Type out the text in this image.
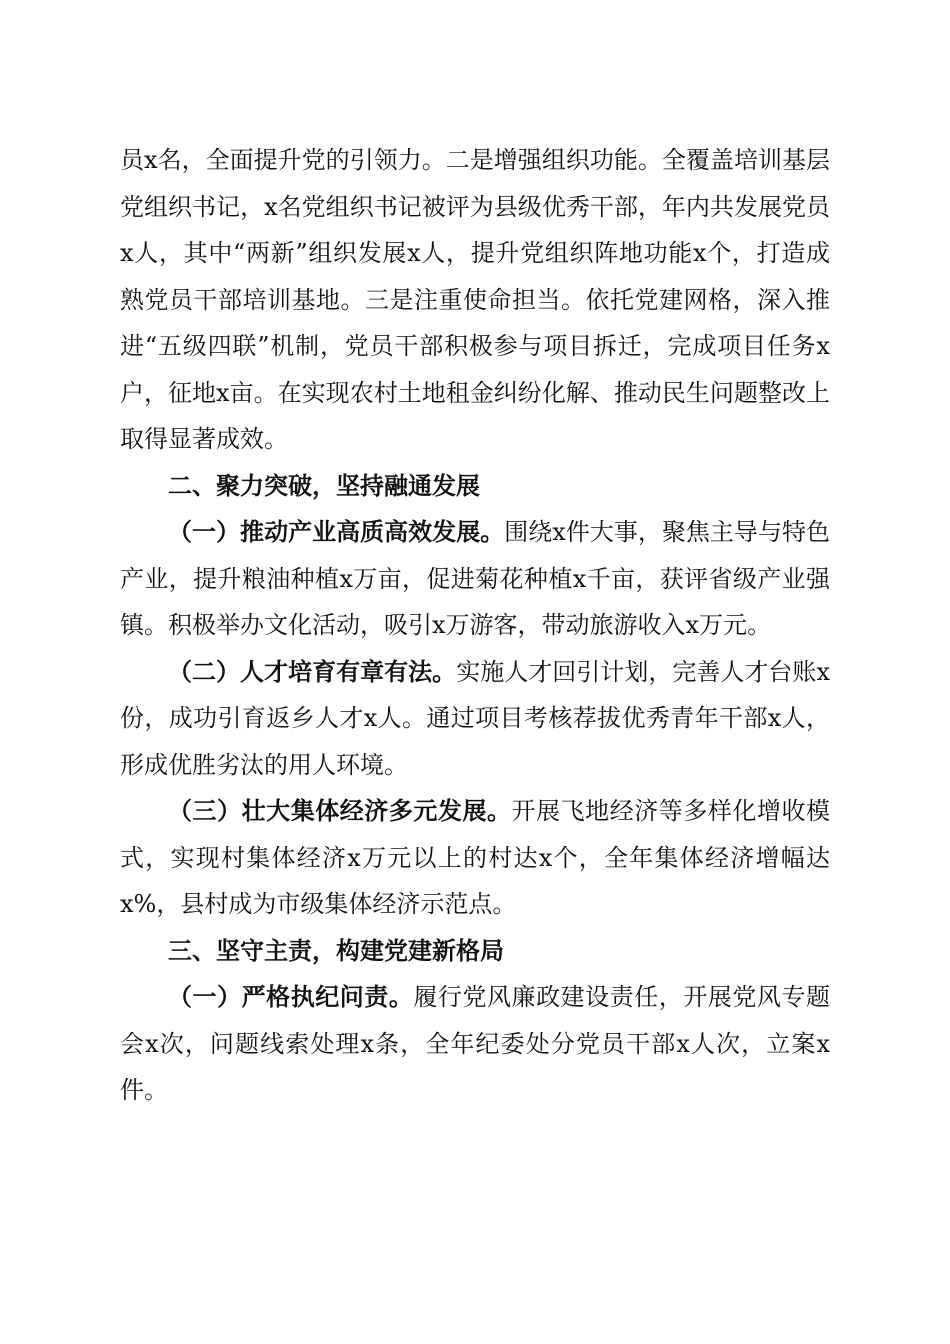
员x名，全面提升党的引领力。二是增强组织功能。全覆盖培训基层党组织书记，x名党组织书记被评为县级优秀干部，年内共发展党员x人，其中“两新”组织发展x人，提升党组织阵地功能x个，打造成熟党员干部培训基地。三是注重使命担当。依托党建网格，深入推进“五级四联”机制，党员干部积极参与项目拆迁，完成项目任务x户，征地x亩。在实现农村土地租金纠纷化解、推动民生问题整改上取得显著成效。

二、聚力突破，坚持融通发展

（一）推动产业高质高效发展。围绕x件大事，聚焦主导与特色产业，提升粮油种植x万亩，促进菊花种植x千亩，获评省级产业强镇。积极举办文化活动，吸引x万游客，带动旅游收入x万元。

（二）人才培育有章有法。实施人才回引计划，完善人才台账x份，成功引育返乡人才x人。通过项目考核荐拔优秀青年干部x人，形成优胜劣汰的用人环境。

（三）壮大集体经济多元发展。开展飞地经济等多样化增收模式，实现村集体经济x万元以上的村达x个，全年集体经济增幅达x%，县村成为市级集体经济示范点。

三、坚守主责，构建党建新格局

（一）严格执纪问责。履行党风廉政建设责任，开展党风专题会x次，问题线索处理x条，全年纪委处分党员干部x人次，立案x件。
